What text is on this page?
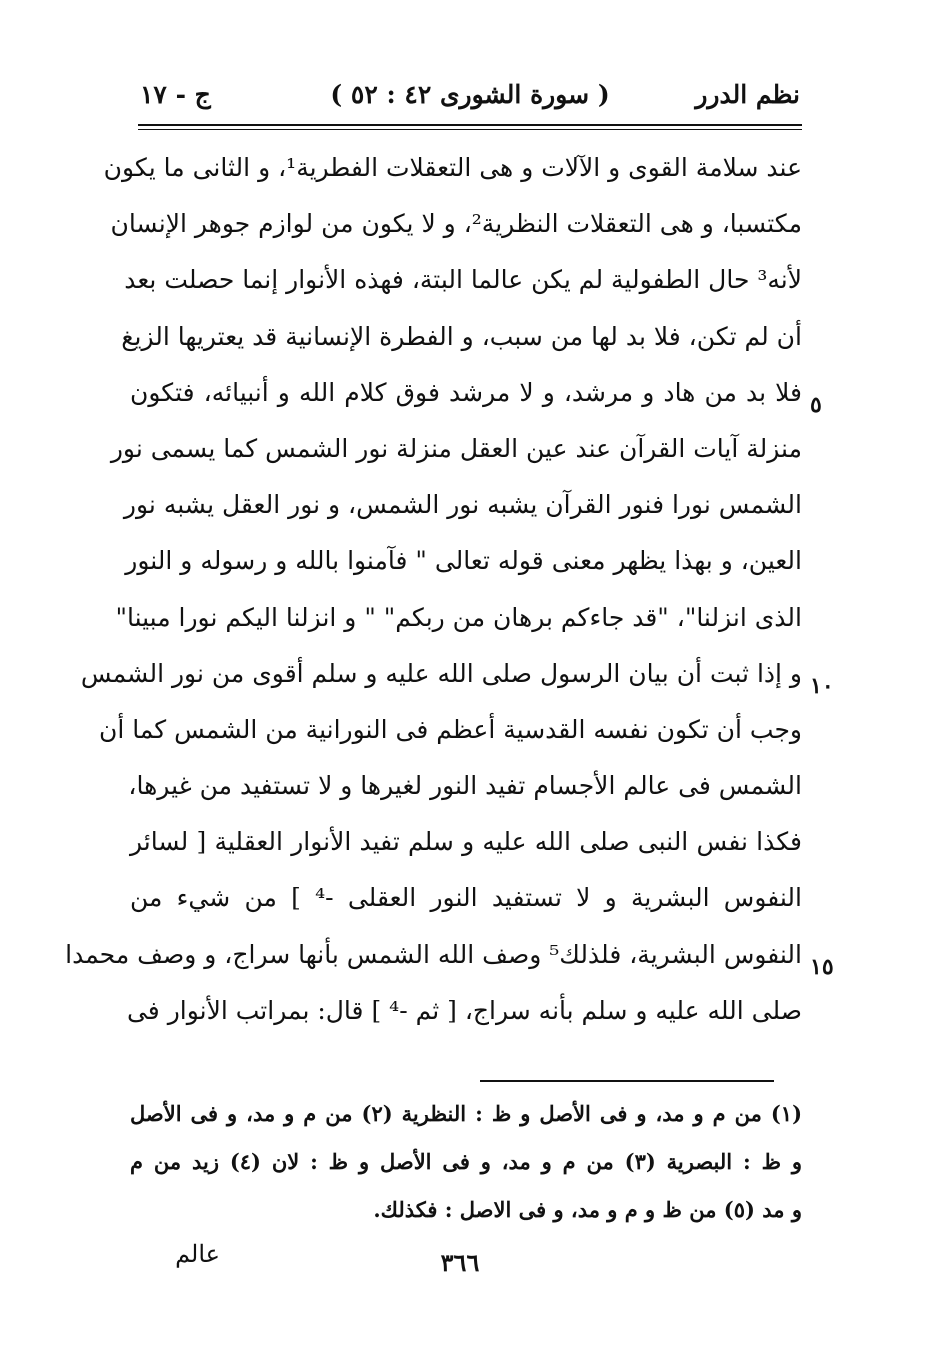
نظم الدرر
( سورة الشورى ٤٢ : ٥٢ )
ج - ١٧
عند سلامة القوى و الآلات و هى التعقلات الفطرية¹، و الثانى ما يكون
مكتسبا، و هى التعقلات النظرية²، و لا يكون من لوازم جوهر الإنسان
لأنه³ حال الطفولية لم يكن عالما البتة، فهذه الأنوار إنما حصلت بعد
أن لم تكن، فلا بد لها من سبب، و الفطرة الإنسانية قد يعتريها الزيغ
فلا بد من هاد و مرشد، و لا مرشد فوق كلام الله و أنبيائه، فتكون
منزلة آيات القرآن عند عين العقل منزلة نور الشمس كما يسمى نور
الشمس نورا فنور القرآن يشبه نور الشمس، و نور العقل يشبه نور
العين، و بهذا يظهر معنى قوله تعالى " فآمنوا بالله و رسوله و النور
الذى انزلنا"، "قد جاءكم برهان من ربكم" " و انزلنا اليكم نورا مبينا"
و إذا ثبت أن بيان الرسول صلى الله عليه و سلم أقوى من نور الشمس
وجب أن تكون نفسه القدسية أعظم فى النورانية من الشمس كما أن
الشمس فى عالم الأجسام تفيد النور لغيرها و لا تستفيد من غيرها،
فكذا نفس النبى صلى الله عليه و سلم تفيد الأنوار العقلية [ لسائر
النفوس البشرية و لا تستفيد النور العقلى -⁴ ] من شيء من
النفوس البشرية، فلذلك⁵ وصف الله الشمس بأنها سراج، و وصف محمدا
صلى الله عليه و سلم بأنه سراج، [ ثم -⁴ ] قال: بمراتب الأنوار فى
٥
١٠
١٥
(١) من م و مد، و فى الأصل و ظ : النظرية (٢) من م و مد، و فى الأصل
و ظ : البصرية (٣) من م و مد، و فى الأصل و ظ : لان (٤) زيد من م
و مد (٥) من ظ و م و مد، و فى الاصل : فكذلك.
٣٦٦
عالم
